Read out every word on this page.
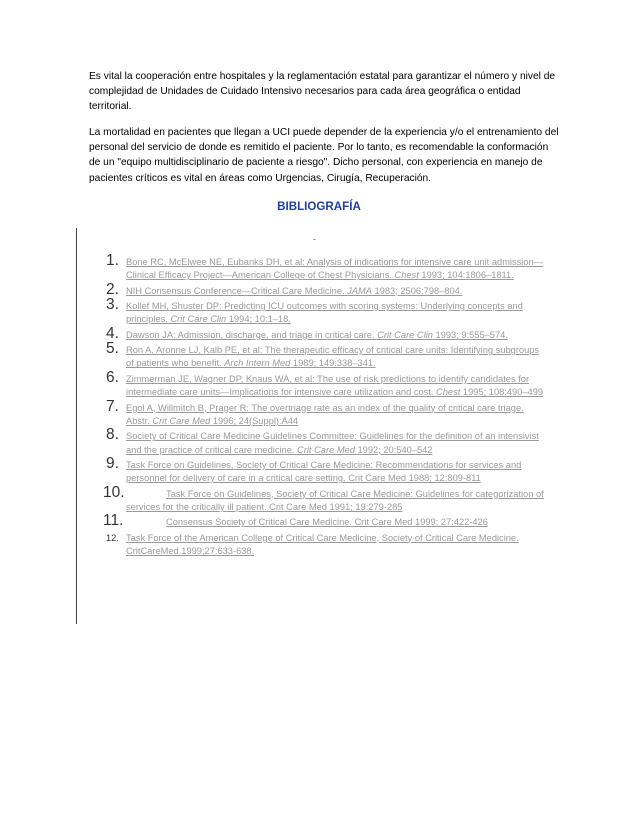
Es vital la cooperación entre hospitales y la reglamentación estatal para garantizar el número y nivel de complejidad de Unidades de Cuidado Intensivo necesarios para cada área geográfica o entidad territorial.

La mortalidad en pacientes que llegan a UCI puede depender de la experiencia y/o el entrenamiento del personal del servicio de donde es remitido el paciente. Por lo tanto, es recomendable la conformación de un "equipo multidisciplinario de paciente a riesgo". Dicho personal, con experiencia en manejo de pacientes críticos es vital en áreas como Urgencias, Cirugía, Recuperación.

BIBLIOGRAFÍA
-
1. Bone RC, McElwee NE, Eubanks DH, et al: Analysis of indications for intensive care unit admission— Clinical Efficacy Project—American College of Chest Physicians. Chest 1993; 104:1806–1811.
2. NIH Consensus Conference—Critical Care Medicine. JAMA 1983; 2506:798–804.
3. Kollef MH, Shuster DP: Predicting ICU outcomes with scoring systems: Underlying concepts and principles. Crit Care Clin 1994; 10:1–18.
4. Dawson JA: Admission, discharge, and triage in critical care. Crit Care Clin 1993; 9:555–574.
5. Ron A, Aronne LJ, Kalb PE, et al: The therapeutic efficacy of critical care units: Identifying subgroups of patients who benefit. Arch Intern Med 1989; 149:338–341.
6. Zimmerman JE, Wagner DP, Knaus WA, et al: The use of risk predictions to identify candidates for intermediate care units—Implications for intensive care utilization and cost. Chest 1995; 108:490–499
7. Egol A, Willmitch B, Prager R: The overtriage rate as an index of the quality of critical care triage. Abstr. Crit Care Med 1996; 24(Suppl):A44
8. Society of Critical Care Medicine Guidelines Committee: Guidelines for the definition of an intensivist and the practice of critical care medicine. Crit Care Med 1992; 20:540–542
9. Task Force on Guidelines, Society of Critical Care Medicine: Recommendations for services and personnel for delivery of care in a critical care setting. Crit Care Med 1988; 12:809-811
10.	Task Force on Guidelines, Society of Critical Care Medicine: Guidelines for categorization of services for the critically ill patient. Crit Care Med 1991; 19:279-285
11.	Consensus Society of Critical Care Medicine. Crit Care Med 1999; 27:422-426
12. Task Force of the American College of Critical Care Medicine, Society of Critical Care Medicine. CritCareMed.1999;27:633-638.
